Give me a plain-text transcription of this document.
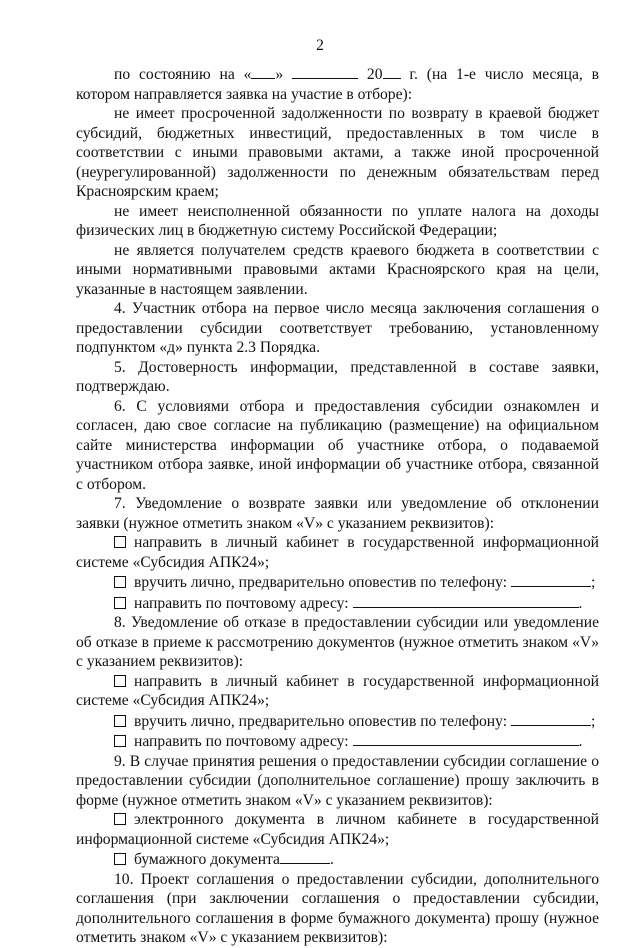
2

по состоянию на « »	20 г. (на 1-е число месяца, в котором направляется заявка на участие в отборе):

не имеет просроченной задолженности по возврату в краевой бюджет субсидий, бюджетных инвестиций, предоставленных в том числе в соответствии с иными правовыми актами, а также иной просроченной (неурегулированной) задолженности по денежным обязательствам перед Красноярским краем;

не имеет неисполненной обязанности по уплате налога на доходы физических лиц в бюджетную систему Российской Федерации;

не является получателем средств краевого бюджета в соответствии с иными нормативными правовыми актами Красноярского края на цели, указанные в настоящем заявлении.

4. Участник отбора на первое число месяца заключения соглашения о предоставлении субсидии соответствует требованию, установленному подпунктом «д» пункта 2.3 Порядка.

5. Достоверность информации, представленной в составе заявки, подтверждаю.

6. С условиями отбора и предоставления субсидии ознакомлен и согласен, даю свое согласие на публикацию (размещение) на официальном сайте министерства информации об участнике отбора, о подаваемой участником отбора заявке, иной информации об участнике отбора, связанной с отбором.

7. Уведомление о возврате заявки или уведомление об отклонении заявки (нужное отметить знаком «V» с указанием реквизитов):

направить в личный кабинет в государственной информационной системе «Субсидия АПК24»;

вручить лично, предварительно оповестив по телефону:	;

направить по почтовому адресу:	.

8. Уведомление об отказе в предоставлении субсидии или уведомление об отказе в приеме к рассмотрению документов (нужное отметить знаком «V» с указанием реквизитов):

направить в личный кабинет в государственной информационной системе «Субсидия АПК24»;

вручить лично, предварительно оповестив по телефону:	;

направить по почтовому адресу:	.

9. В случае принятия решения о предоставлении субсидии соглашение о предоставлении субсидии (дополнительное соглашение) прошу заключить в форме (нужное отметить знаком «V» с указанием реквизитов):

электронного документа в личном кабинете в государственной информационной системе «Субсидия АПК24»;

бумажного документа	.

10. Проект соглашения о предоставлении субсидии, дополнительного соглашения (при заключении соглашения о предоставлении субсидии, дополнительного соглашения в форме бумажного документа) прошу (нужное отметить знаком «V» с указанием реквизитов):
